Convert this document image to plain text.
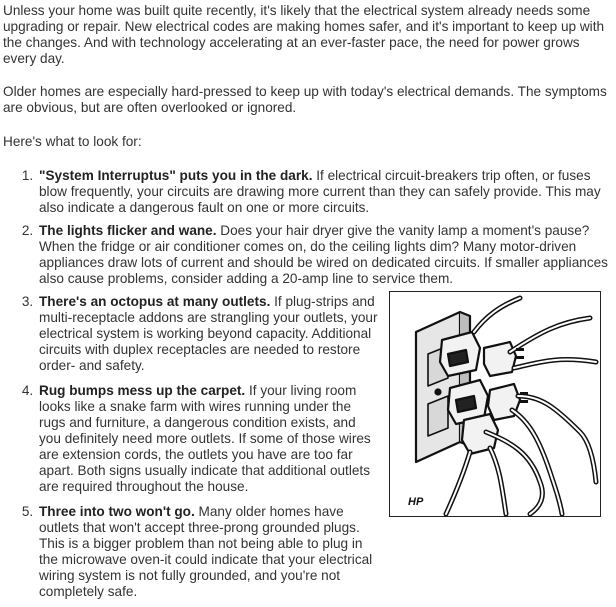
Unless your home was built quite recently, it's likely that the electrical system already needs some upgrading or repair. New electrical codes are making homes safer, and it's important to keep up with the changes. And with technology accelerating at an ever-faster pace, the need for power grows every day.

Older homes are especially hard-pressed to keep up with today's electrical demands. The symptoms are obvious, but are often overlooked or ignored.

Here's what to look for:

1. "System Interruptus" puts you in the dark. If electrical circuit-breakers trip often, or fuses blow frequently, your circuits are drawing more current than they can safely provide. This may also indicate a dangerous fault on one or more circuits.
2. The lights flicker and wane. Does your hair dryer give the vanity lamp a moment's pause? When the fridge or air conditioner comes on, do the ceiling lights dim? Many motor-driven appliances draw lots of current and should be wired on dedicated circuits. If smaller appliances also cause problems, consider adding a 20-amp line to service them.
3. There's an octopus at many outlets. If plug-strips and multi-receptacle addons are strangling your outlets, your electrical system is working beyond capacity. Additional circuits with duplex receptacles are needed to restore order- and safety.
4. Rug bumps mess up the carpet. If your living room looks like a snake farm with wires running under the rugs and furniture, a dangerous condition exists, and you definitely need more outlets. If some of those wires are extension cords, the outlets you have are too far apart. Both signs usually indicate that additional outlets are required throughout the house.
5. Three into two won't go. Many older homes have outlets that won't accept three-prong grounded plugs. This is a bigger problem than not being able to plug in the microwave oven-it could indicate that your electrical wiring system is not fully grounded, and you're not completely safe.
HP
